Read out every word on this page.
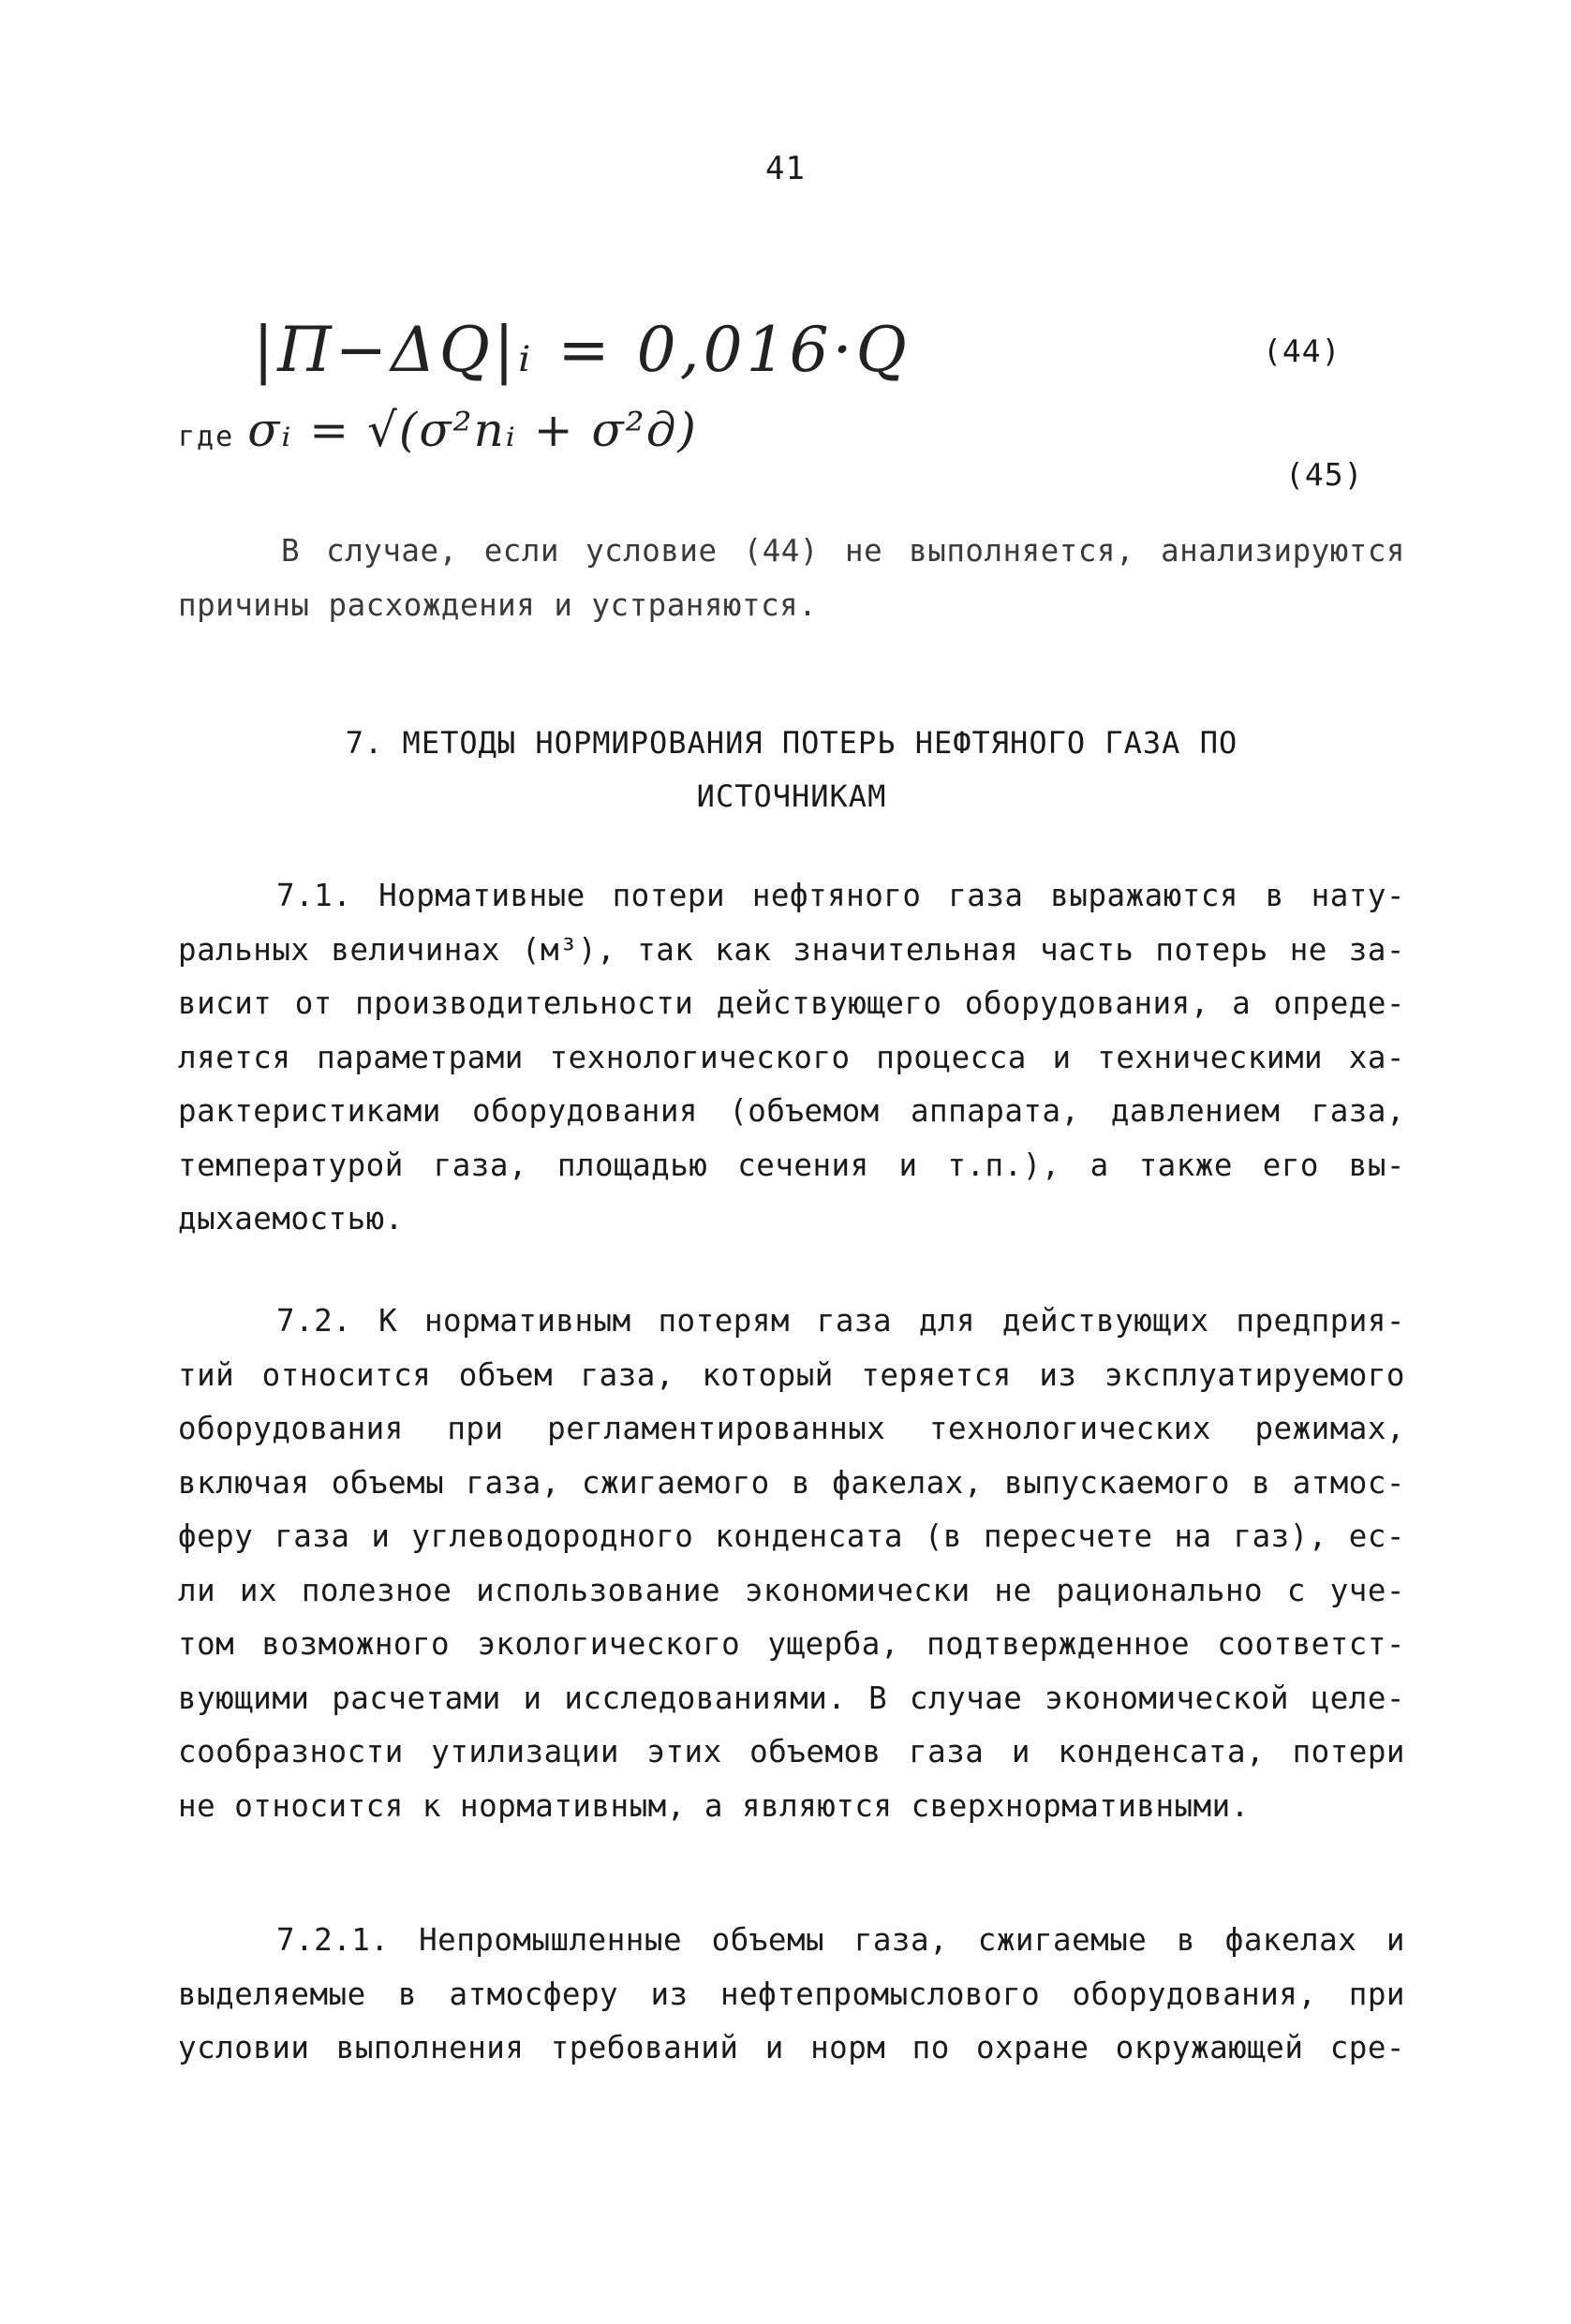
41
|П−ΔQ|ᵢ = 0,016·Q	(44)
где σᵢ = √(σ²пᵢ + σ²д)
(45)
В случае, если условие (44) не выполняется, анализируются
причины расхождения и устраняются.
7. МЕТОДЫ НОРМИРОВАНИЯ ПОТЕРЬ НЕФТЯНОГО ГАЗА ПО
ИСТОЧНИКАМ
7.1. Нормативные потери нефтяного газа выражаются в нату-
ральных величинах (м³), так как значительная часть потерь не за-
висит от производительности действующего оборудования, а опреде-
ляется параметрами технологического процесса и техническими ха-
рактеристиками оборудования (объемом аппарата, давлением газа,
температурой газа, площадью сечения и т.п.), а также его вы-
дыхаемостью.
7.2. К нормативным потерям газа для действующих предприя-
тий относится объем газа, который теряется из эксплуатируемого
оборудования при регламентированных технологических режимах,
включая объемы газа, сжигаемого в факелах, выпускаемого в атмос-
феру газа и углеводородного конденсата (в пересчете на газ), ес-
ли их полезное использование экономически не рационально с уче-
том возможного экологического ущерба, подтвержденное соответст-
вующими расчетами и исследованиями. В случае экономической целе-
сообразности утилизации этих объемов газа и конденсата, потери
не относится к нормативным, а являются сверхнормативными.
7.2.1. Непромышленные объемы газа, сжигаемые в факелах и
выделяемые в атмосферу из нефтепромыслового оборудования, при
условии выполнения требований и норм по охране окружающей сре-
